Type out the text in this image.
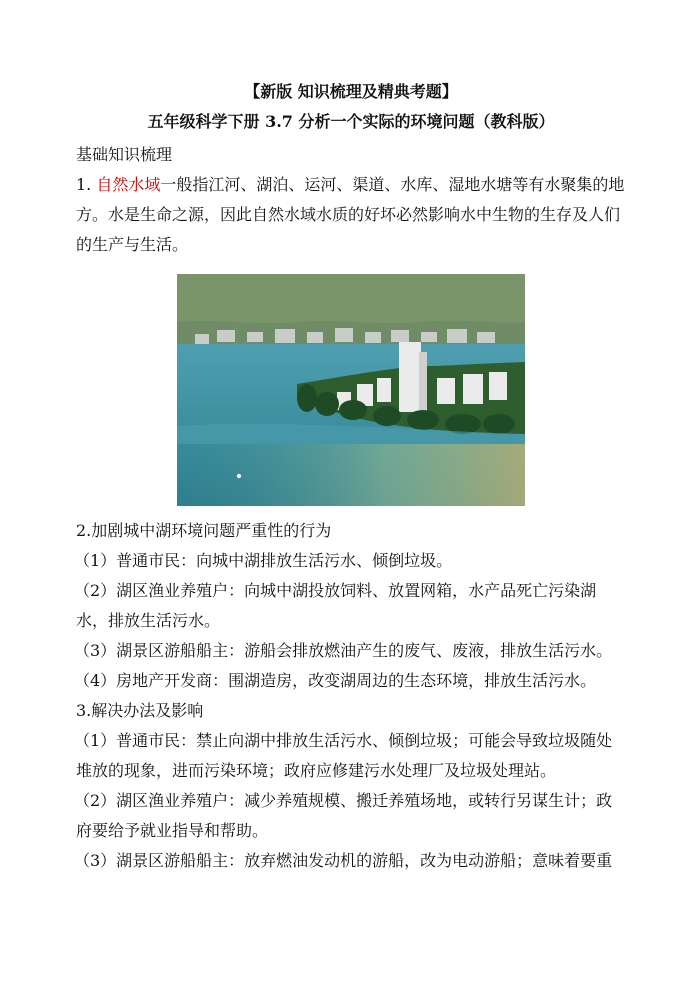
【新版 知识梳理及精典考题】
五年级科学下册 3.7 分析一个实际的环境问题（教科版）
基础知识梳理

1. 自然水域一般指江河、湖泊、运河、渠道、水库、湿地水塘等有水聚集的地方。水是生命之源，因此自然水域水质的好坏必然影响水中生物的生存及人们的生产与生活。

2.加剧城中湖环境问题严重性的行为

（1）普通市民：向城中湖排放生活污水、倾倒垃圾。

（2）湖区渔业养殖户：向城中湖投放饲料、放置网箱，水产品死亡污染湖水，排放生活污水。

（3）湖景区游船船主：游船会排放燃油产生的废气、废液，排放生活污水。

（4）房地产开发商：围湖造房，改变湖周边的生态环境，排放生活污水。

3.解决办法及影响

（1）普通市民：禁止向湖中排放生活污水、倾倒垃圾；可能会导致垃圾随处堆放的现象，进而污染环境；政府应修建污水处理厂及垃圾处理站。

（2）湖区渔业养殖户：减少养殖规模、搬迁养殖场地，或转行另谋生计；政府要给予就业指导和帮助。

（3）湖景区游船船主：放弃燃油发动机的游船，改为电动游船；意味着要重
